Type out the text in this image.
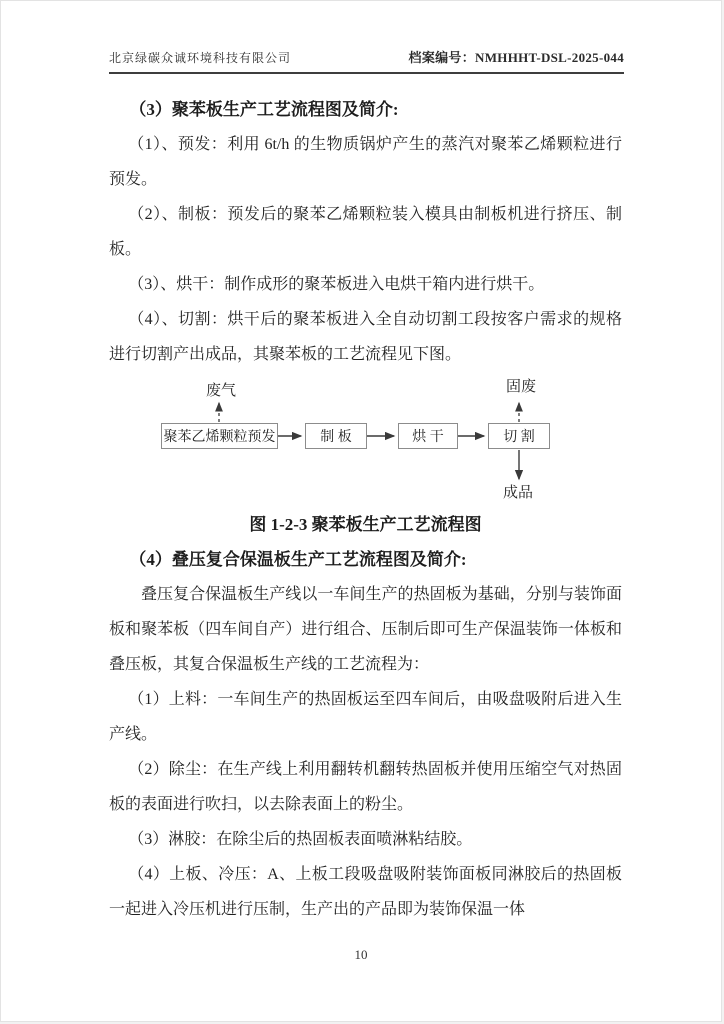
北京绿碳众诚环境科技有限公司	档案编号：NMHHHT-DSL-2025-044
（3）聚苯板生产工艺流程图及简介:

（1）、预发：利用 6t/h 的生物质锅炉产生的蒸汽对聚苯乙烯颗粒进行预发。

（2）、制板：预发后的聚苯乙烯颗粒装入模具由制板机进行挤压、制板。

（3）、烘干：制作成形的聚苯板进入电烘干箱内进行烘干。

（4）、切割：烘干后的聚苯板进入全自动切割工段按客户需求的规格进行切割产出成品，其聚苯板的工艺流程见下图。

废气	固废
成品
聚苯乙烯颗粒预发	制 板	烘 干	切 割
图 1-2-3 聚苯板生产工艺流程图
（4）叠压复合保温板生产工艺流程图及简介:

叠压复合保温板生产线以一车间生产的热固板为基础，分别与装饰面板和聚苯板（四车间自产）进行组合、压制后即可生产保温装饰一体板和叠压板，其复合保温板生产线的工艺流程为：

（1）上料：一车间生产的热固板运至四车间后，由吸盘吸附后进入生产线。

（2）除尘：在生产线上利用翻转机翻转热固板并使用压缩空气对热固板的表面进行吹扫，以去除表面上的粉尘。

（3）淋胶：在除尘后的热固板表面喷淋粘结胶。

（4）上板、冷压：A、上板工段吸盘吸附装饰面板同淋胶后的热固板一起进入冷压机进行压制，生产出的产品即为装饰保温一体

10
